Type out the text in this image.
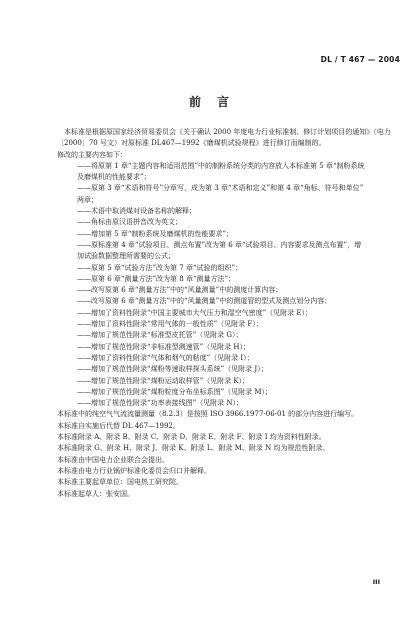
DL / T 467 — 2004
前　言

本标准是根据原国家经济贸易委员会《关于确认 2000 年度电力行业标准制、修订计划项目的通知》（电力〔2000〕70 号文）对原标准 DL467—1992《磨煤机试验规程》进行修订而编制的。

修改的主要内容如下：

——将原第 1 章“主题内容和适用范围”中的制粉系统分类的内容放入本标准第 5 章“制粉系统

及磨煤机的性能要求”；

——原第 3 章“术语和符号”分章写，成为第 3 章“术语和定义”和第 4 章“角标、符号和单位”

两章；

——术语中取消煤对设备名称的解释；

——角标由原汉语拼音改为英文；

——增加第 5 章“制粉系统及磨煤机的性能要求”；

——原标准第 4 章“试验项目、测点布置”改为第 6 章“试验项目、内容要求及测点布置”，增

加试验数据整理所需要的公式；

——原第 5 章“试验方法”改为第 7 章“试验的组织”；

——原第 6 章“测量方法”改为第 8 章“测量方法”；

——改写原第 6 章“测量方法”中的“风量测量”中的测度计算内容；

——改写原第 6 章“测量方法”中的“风量测量”中的测道管的型式及测点划分内容；

——增加了资料性附录“中国主要城市大气压力和湿空气密度”（见附录 E）；

——增加了资料性附录“常用气体的一般性质”（见附录 F）；

——增加了规范性附录“标准型皮托管”（见附录 G）；

——增加了规范性附录“非标准型测速管”（见附录 H）；

——增加了资料性附录“气体和烟气的粘度”（见附录 I）；

——增加了规范性附录“煤粉等速取样探头系统”（见附录 J）；

——增加了规范性附录“煤粉运动取样管”（见附录 K）；

——增加了规范性附录“煤粉粒度分布坐标系图”（见附录 M）；

——增加了规范性附录“功率表接线图”（见附录 N）；

本标准中的纯空气气流流量测量（8.2.3）是按照 ISO 3966.1977-06-01 的部分内容进行编写。

本标准自实施后代替 DL 467—1992。

本标准附录 A、附录 B、附录 C、附录 D、附录 E、附录 F、附录 I 均为资料性附录。

本标准附录 G、附录 H、附录 J、附录 K、附录 L、附录 M、附录 N 均为规范性附录。

本标准由中国电力企业联合会提出。

本标准由电力行业锅炉标准化委员会归口并解释。

本标准主要起草单位：国电热工研究院。

本标准起草人：张安国。

III
